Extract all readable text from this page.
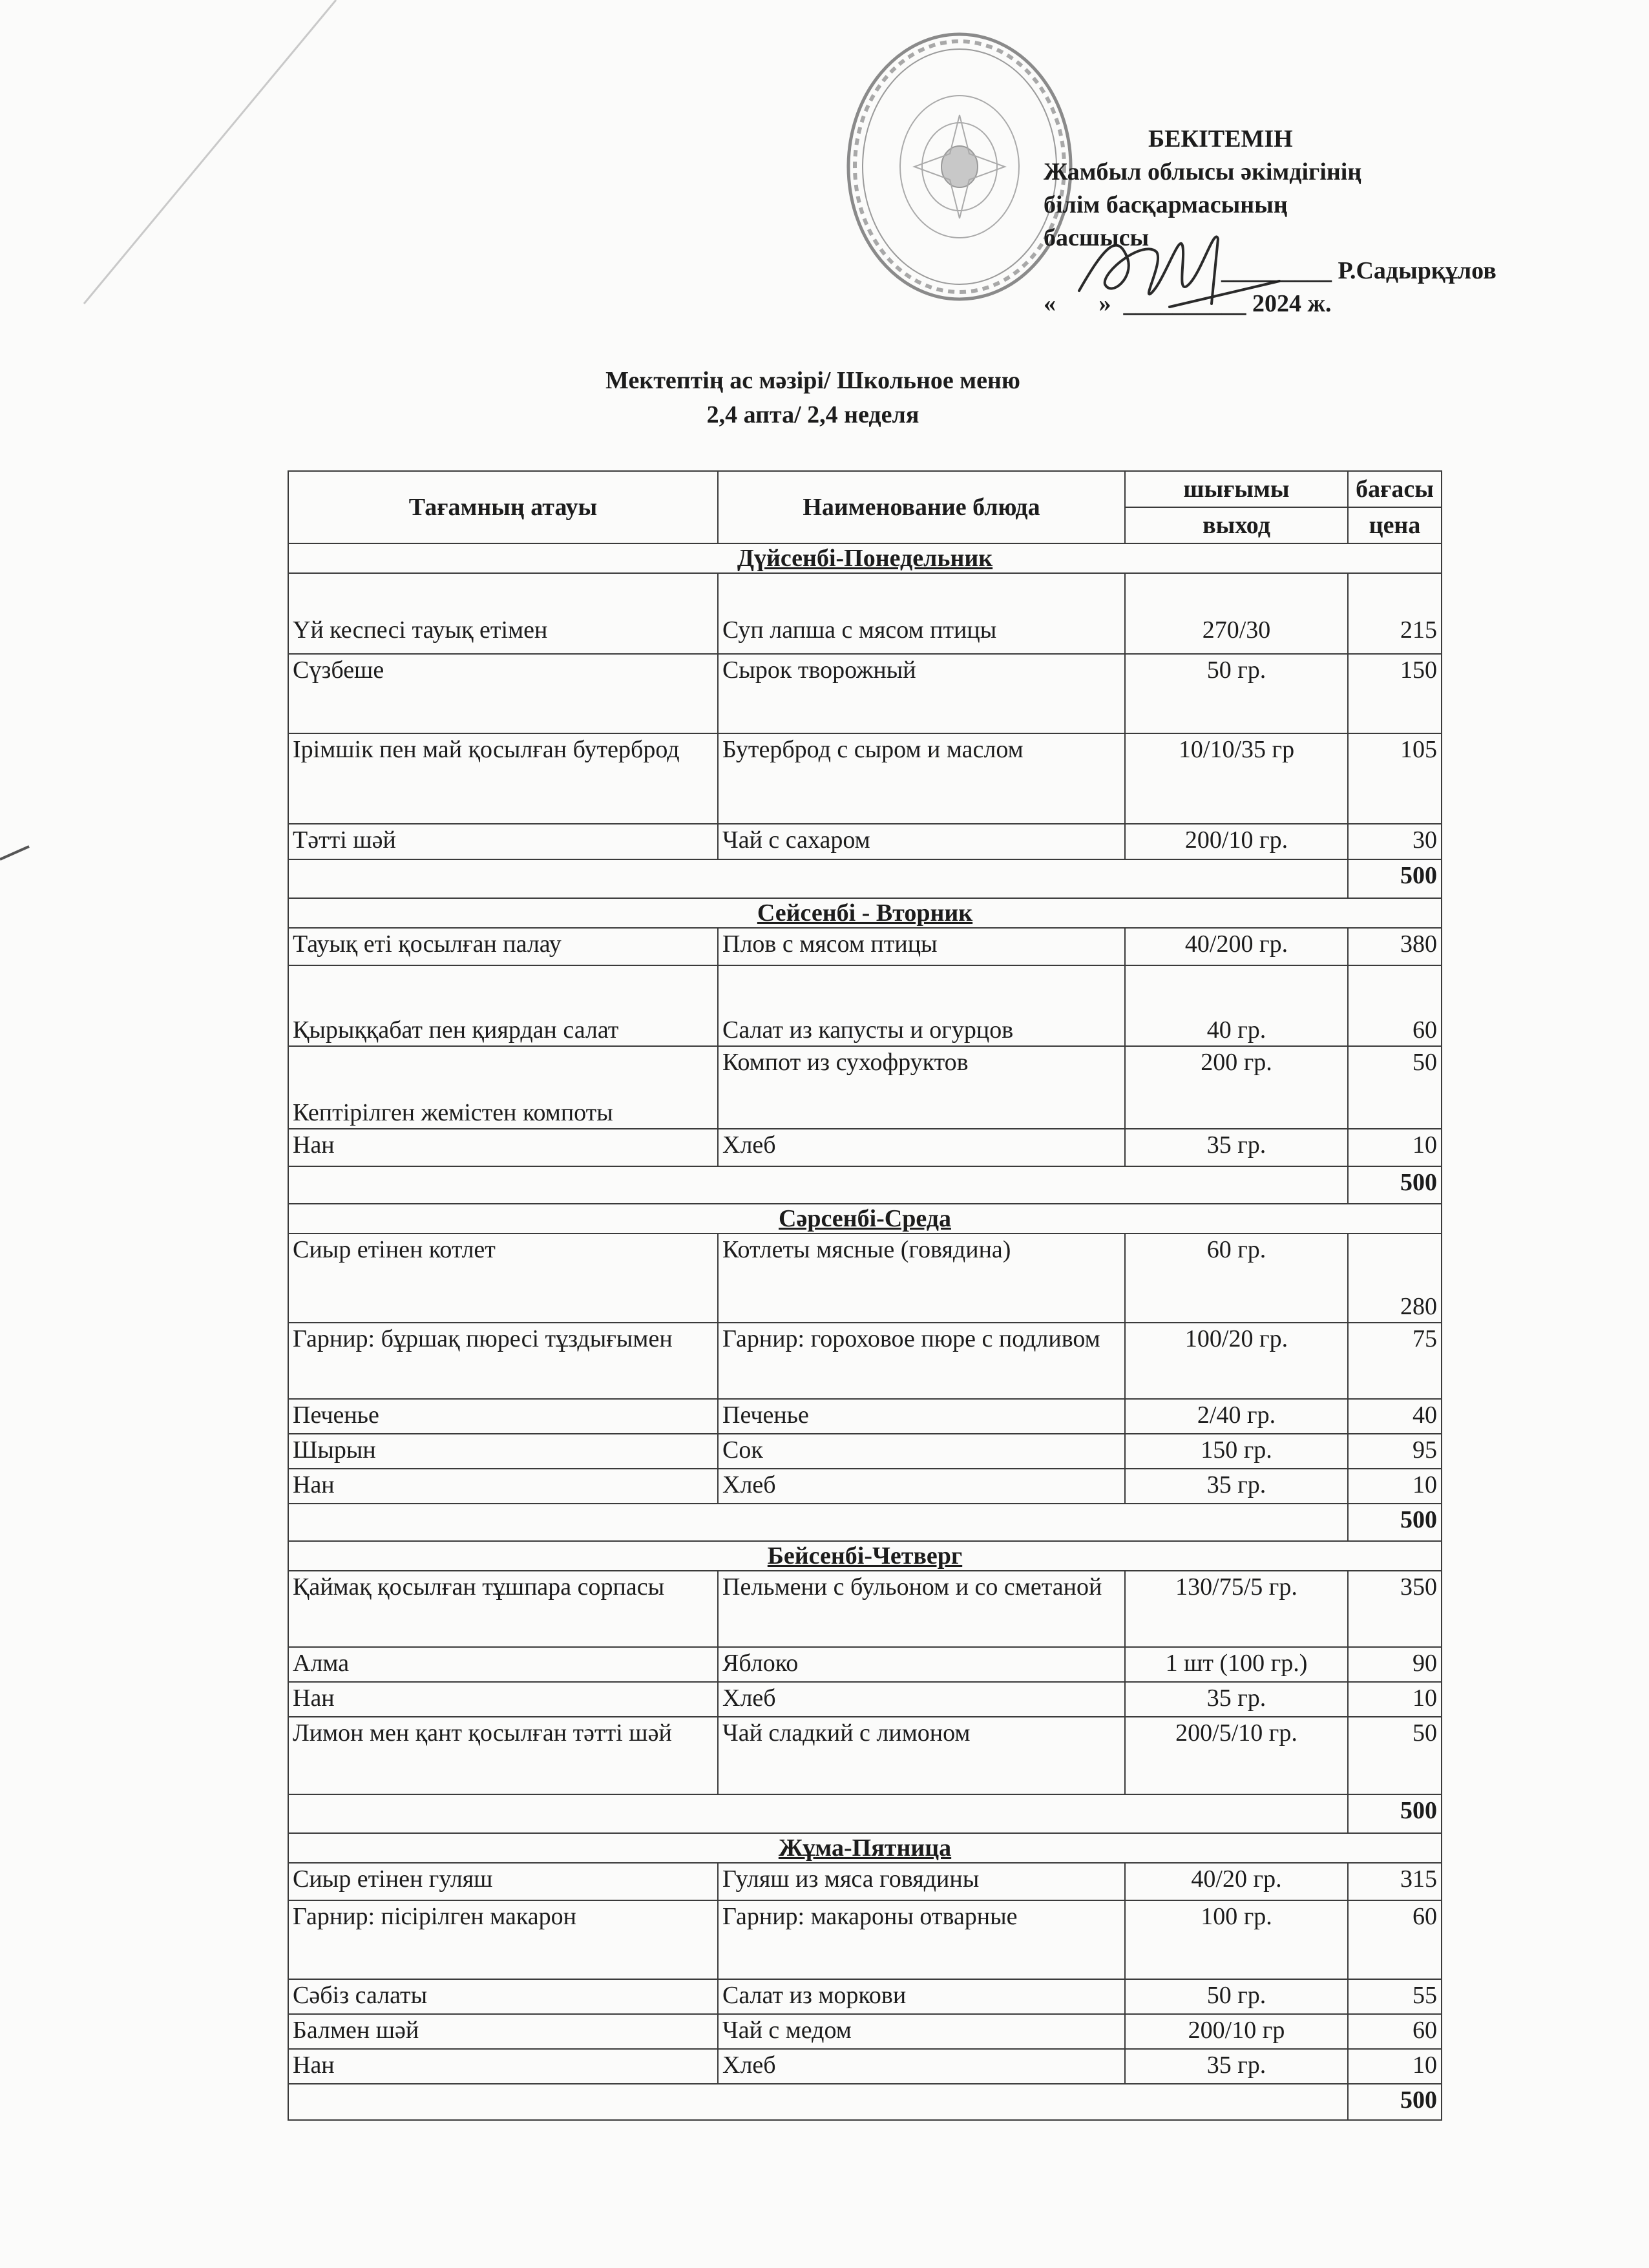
БЕКІТЕМІН
Жамбыл облысы әкімдігінің
білім басқармасының
басшысы
_________ Р.Садырқұлов
«       »  __________ 2024 ж.
Мектептің ас мәзірі/ Школьное меню
2,4 апта/ 2,4 неделя
Тағамның атауы	Наименование блюда	шығымы	бағасы
		выход	цена
Дүйсенбі-Понедельник			
Үй кеспесі тауық етімен	Суп лапша с мясом птицы	270/30	215
Сүзбеше	Сырок творожный	50 гр.	150
Ірімшік пен май қосылған бутерброд	Бутерброд с сыром и маслом	10/10/35 гр	105
Тәтті шәй	Чай с сахаром	200/10 гр.	30
			500
Сейсенбі - Вторник			
Тауық еті қосылған палау	Плов с мясом птицы	40/200 гр.	380
Қырыққабат пен қиярдан салат	Салат из капусты и огурцов	40 гр.	60
Кептірілген жемістен компоты	Компот из сухофруктов	200 гр.	50
Нан	Хлеб	35 гр.	10
			500
Сәрсенбі-Среда			
Сиыр етінен котлет	Котлеты мясные (говядина)	60 гр.	280
Гарнир: бұршақ пюресі тұздығымен	Гарнир: гороховое пюре с подливом	100/20 гр.	75
Печенье	Печенье	2/40 гр.	40
Шырын	Сок	150 гр.	95
Нан	Хлеб	35 гр.	10
			500
Бейсенбі-Четверг			
Қаймақ қосылған тұшпара сорпасы	Пельмени с бульоном и со сметаной	130/75/5 гр.	350
Алма	Яблоко	1 шт (100 гр.)	90
Нан	Хлеб	35 гр.	10
Лимон мен қант қосылған тәтті шәй	Чай сладкий с лимоном	200/5/10 гр.	50
			500
Жұма-Пятница			
Сиыр етінен гуляш	Гуляш из мяса говядины	40/20 гр.	315
Гарнир: пісірілген макарон	Гарнир: макароны отварные	100 гр.	60
Сәбіз салаты	Салат из моркови	50 гр.	55
Балмен шәй	Чай с медом	200/10 гр	60
Нан	Хлеб	35 гр.	10
			500
